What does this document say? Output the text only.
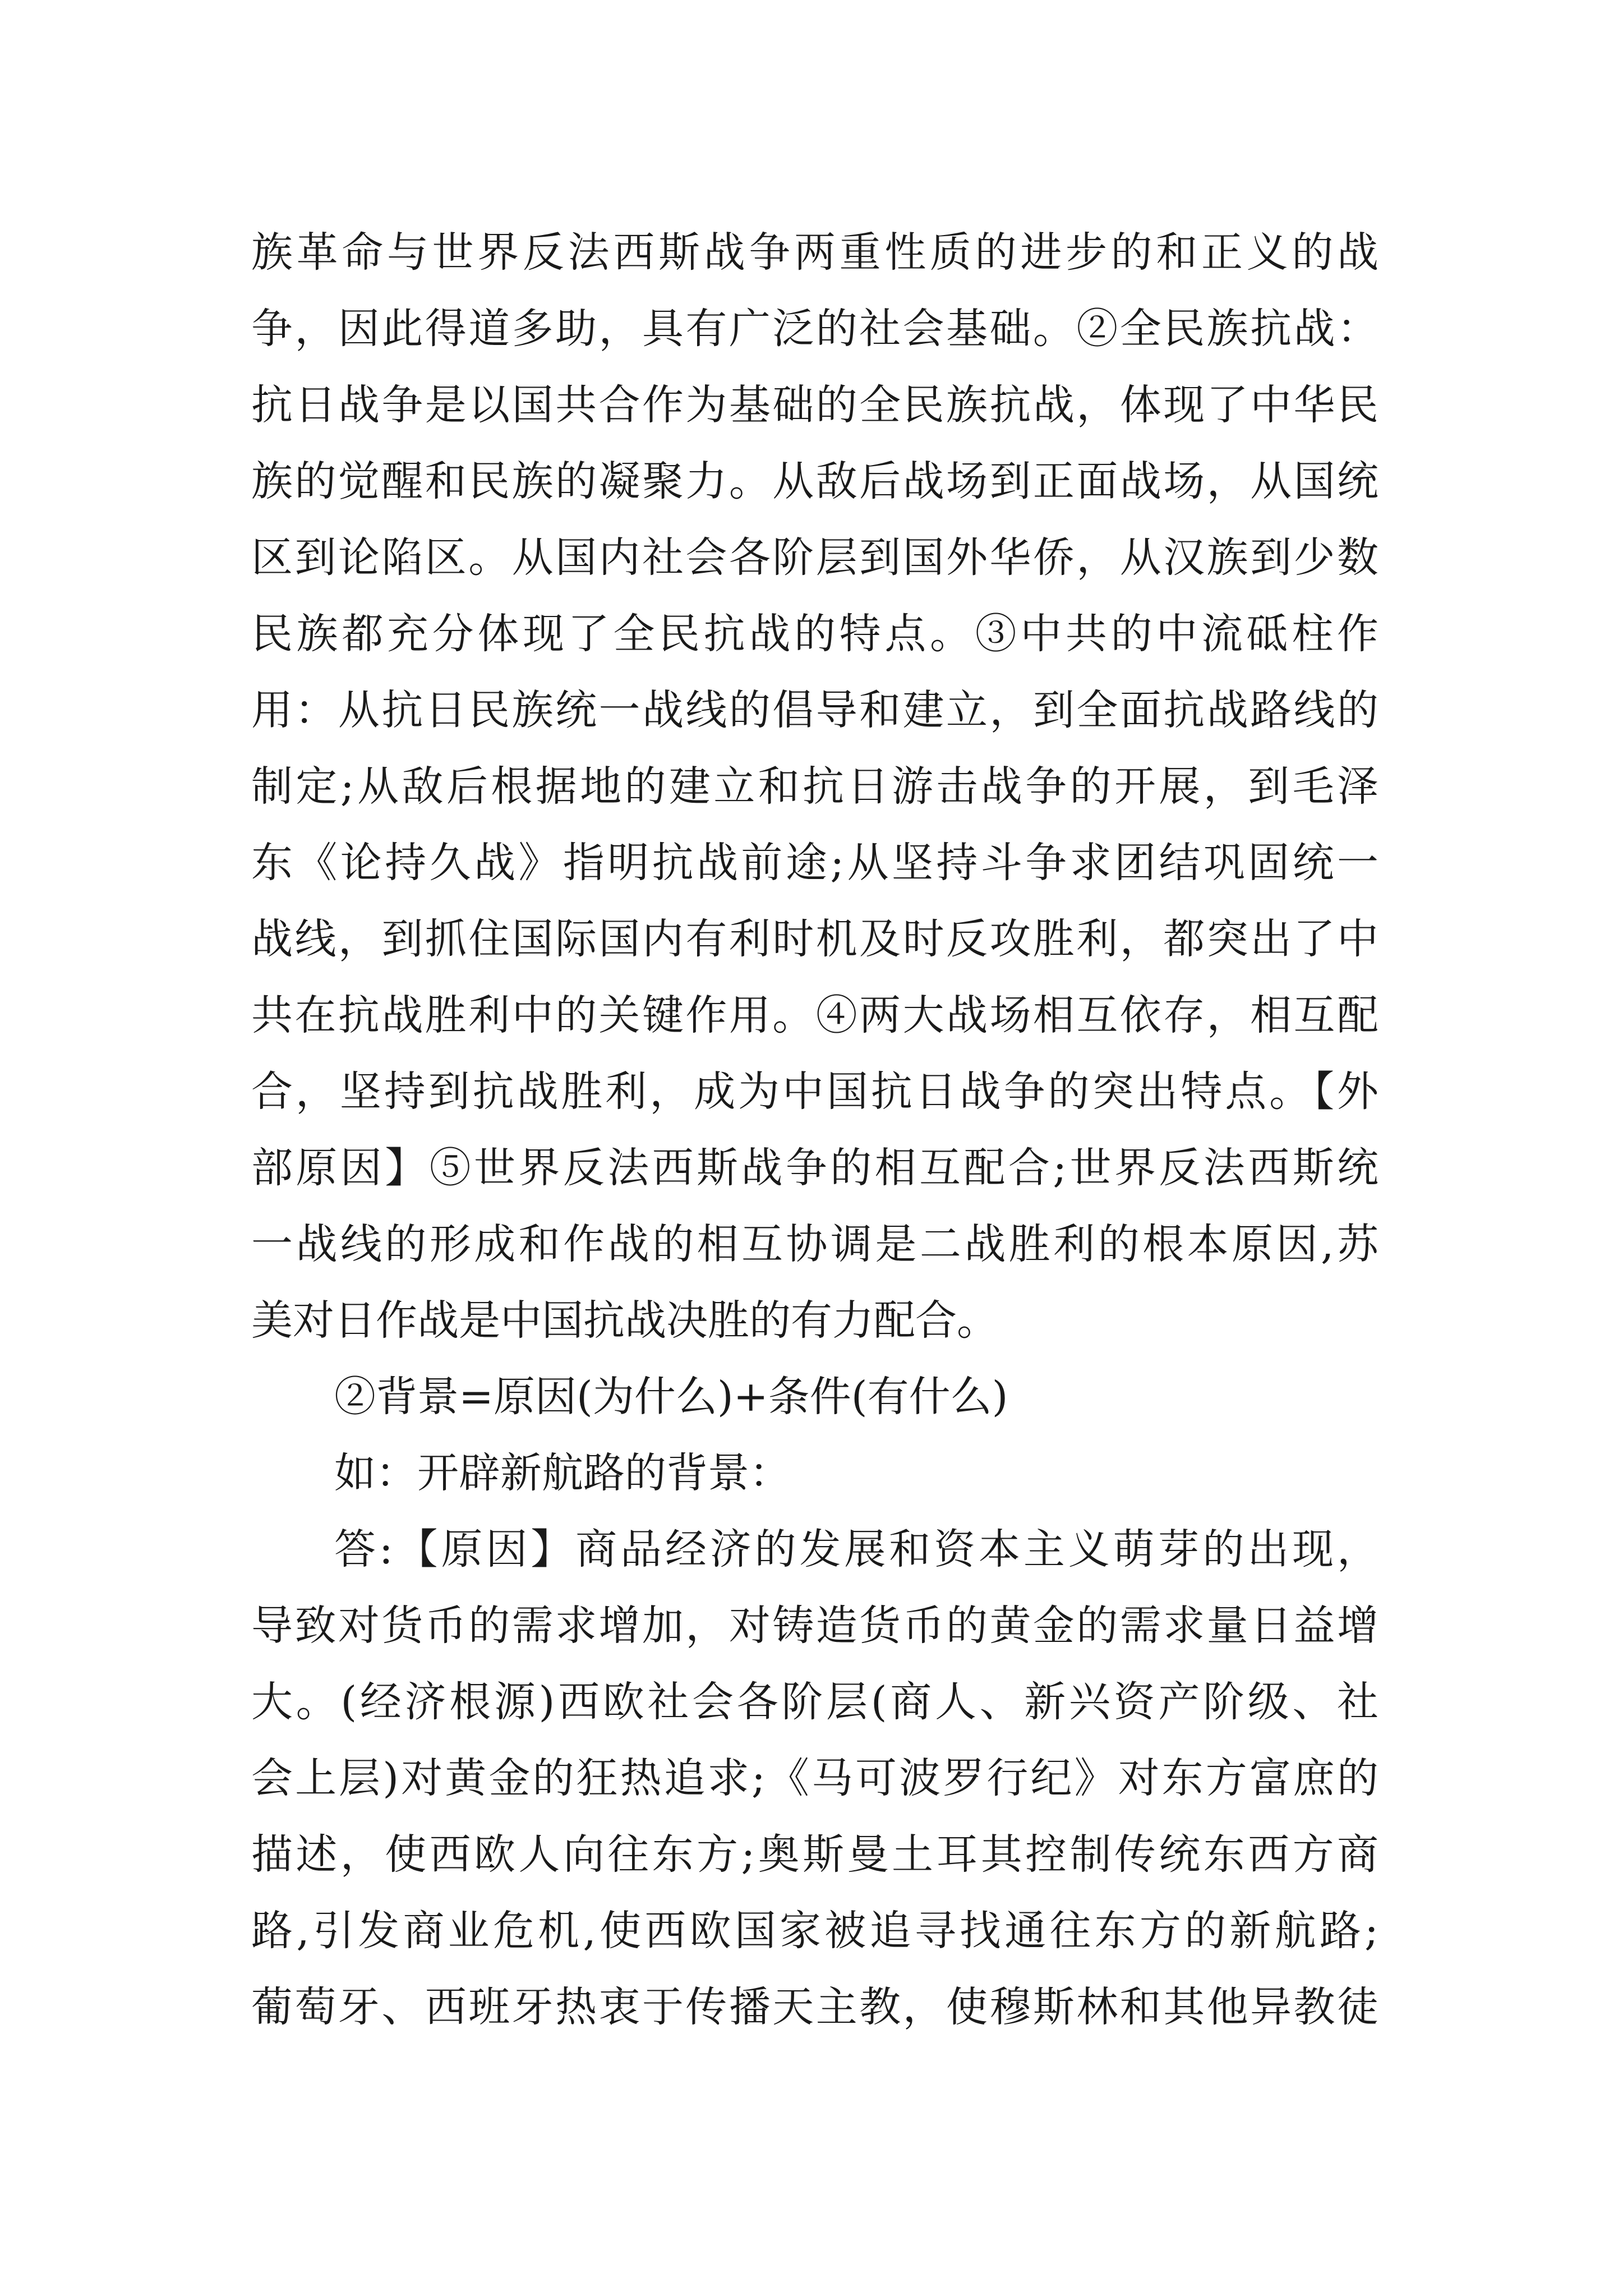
族革命与世界反法西斯战争两重性质的进步的和正义的战
争，因此得道多助，具有广泛的社会基础。②全民族抗战：
抗日战争是以国共合作为基础的全民族抗战，体现了中华民
族的觉醒和民族的凝聚力。从敌后战场到正面战场，从国统
区到论陷区。从国内社会各阶层到国外华侨，从汉族到少数
民族都充分体现了全民抗战的特点。③中共的中流砥柱作
用：从抗日民族统一战线的倡导和建立，到全面抗战路线的
制定;从敌后根据地的建立和抗日游击战争的开展，到毛泽
东《论持久战》指明抗战前途;从坚持斗争求团结巩固统一
战线，到抓住国际国内有利时机及时反攻胜利，都突出了中
共在抗战胜利中的关键作用。④两大战场相互依存，相互配
合，坚持到抗战胜利，成为中国抗日战争的突出特点。【外
部原因】⑤世界反法西斯战争的相互配合;世界反法西斯统
一战线的形成和作战的相互协调是二战胜利的根本原因,苏
美对日作战是中国抗战决胜的有力配合。
②背景=原因(为什么)+条件(有什么)
如：开辟新航路的背景：
答:【原因】商品经济的发展和资本主义萌芽的出现，
导致对货币的需求增加，对铸造货币的黄金的需求量日益增
大。(经济根源)西欧社会各阶层(商人、新兴资产阶级、社
会上层)对黄金的狂热追求;《马可波罗行纪》对东方富庶的
描述，使西欧人向往东方;奥斯曼土耳其控制传统东西方商
路,引发商业危机,使西欧国家被追寻找通往东方的新航路;
葡萄牙、西班牙热衷于传播天主教，使穆斯林和其他异教徒
